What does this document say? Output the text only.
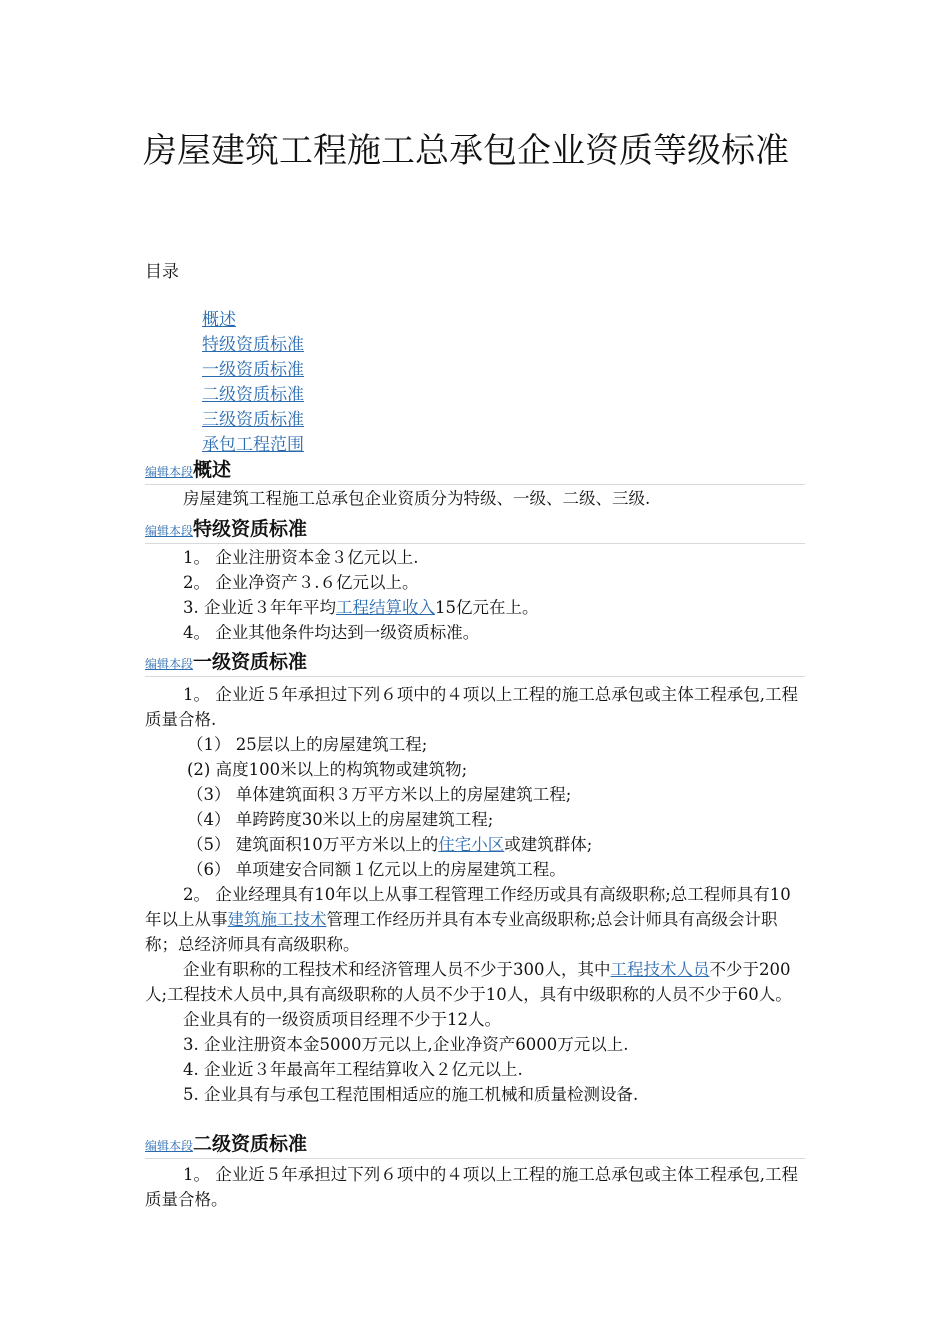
房屋建筑工程施工总承包企业资质等级标准
目录
概述
特级资质标准
一级资质标准
二级资质标准
三级资质标准
承包工程范围
编辑本段概述

房屋建筑工程施工总承包企业资质分为特级、一级、二级、三级.

编辑本段特级资质标准

1。 企业注册资本金３亿元以上.

2。 企业净资产３.６亿元以上。

3. 企业近３年年平均工程结算收入15亿元在上。

4。 企业其他条件均达到一级资质标准。

编辑本段一级资质标准

1。 企业近５年承担过下列６项中的４项以上工程的施工总承包或主体工程承包,工程质量合格.

（1） 25层以上的房屋建筑工程;

(2) 高度100米以上的构筑物或建筑物;

（3） 单体建筑面积３万平方米以上的房屋建筑工程;

（4） 单跨跨度30米以上的房屋建筑工程;

（5） 建筑面积10万平方米以上的住宅小区或建筑群体;

（6） 单项建安合同额１亿元以上的房屋建筑工程。

2。 企业经理具有10年以上从事工程管理工作经历或具有高级职称;总工程师具有10年以上从事建筑施工技术管理工作经历并具有本专业高级职称;总会计师具有高级会计职称；总经济师具有高级职称。

企业有职称的工程技术和经济管理人员不少于300人，其中工程技术人员不少于200人;工程技术人员中,具有高级职称的人员不少于10人，具有中级职称的人员不少于60人。

企业具有的一级资质项目经理不少于12人。

3. 企业注册资本金5000万元以上,企业净资产6000万元以上.

4. 企业近３年最高年工程结算收入２亿元以上.

5. 企业具有与承包工程范围相适应的施工机械和质量检测设备.

编辑本段二级资质标准

1。 企业近５年承担过下列６项中的４项以上工程的施工总承包或主体工程承包,工程质量合格。
